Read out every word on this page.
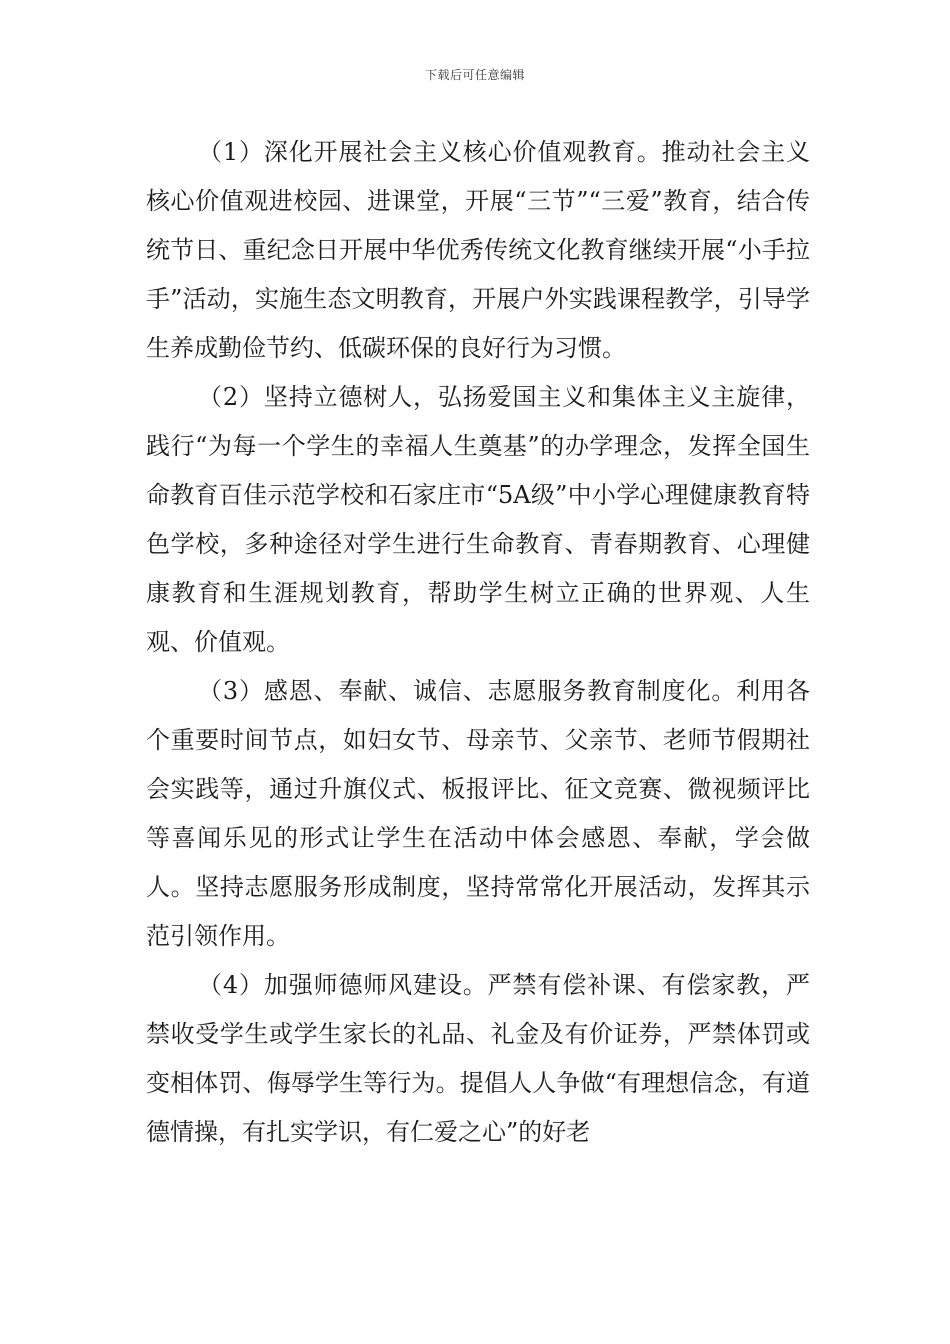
下载后可任意编辑

（1）深化开展社会主义核心价值观教育。推动社会主义核心价值观进校园、进课堂，开展“三节”“三爱”教育，结合传统节日、重纪念日开展中华优秀传统文化教育继续开展“小手拉手”活动，实施生态文明教育，开展户外实践课程教学，引导学生养成勤俭节约、低碳环保的良好行为习惯。

（2）坚持立德树人，弘扬爱国主义和集体主义主旋律，践行“为每一个学生的幸福人生奠基”的办学理念，发挥全国生命教育百佳示范学校和石家庄市“5A级”中小学心理健康教育特色学校，多种途径对学生进行生命教育、青春期教育、心理健康教育和生涯规划教育，帮助学生树立正确的世界观、人生观、价值观。

（3）感恩、奉献、诚信、志愿服务教育制度化。利用各个重要时间节点，如妇女节、母亲节、父亲节、老师节假期社会实践等，通过升旗仪式、板报评比、征文竞赛、微视频评比等喜闻乐见的形式让学生在活动中体会感恩、奉献，学会做人。坚持志愿服务形成制度，坚持常常化开展活动，发挥其示范引领作用。

（4）加强师德师风建设。严禁有偿补课、有偿家教，严禁收受学生或学生家长的礼品、礼金及有价证券，严禁体罚或变相体罚、侮辱学生等行为。提倡人人争做“有理想信念，有道德情操，有扎实学识，有仁爱之心”的好老
